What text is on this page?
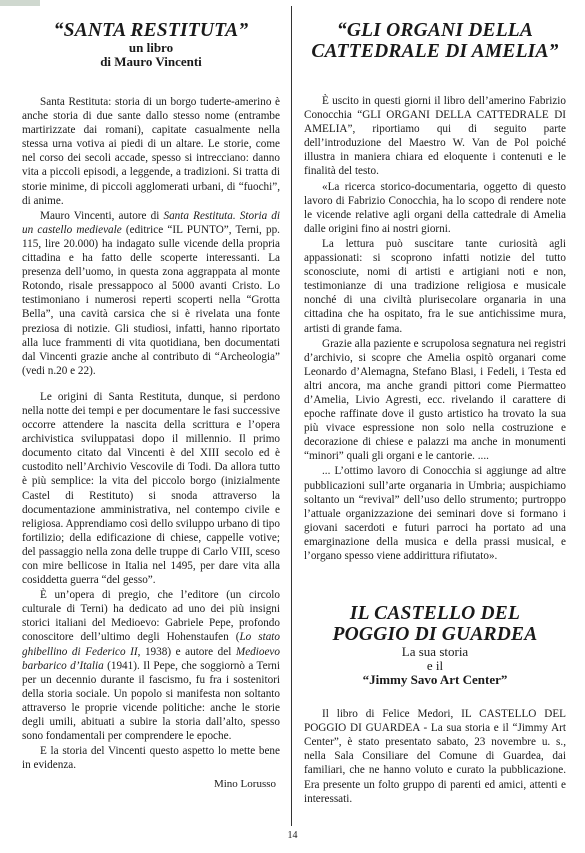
“SANTA RESTITUTA”
un libro
di Mauro Vincenti

Santa Restituta: storia di un borgo tuderte-amerino è anche storia di due sante dallo stesso nome (entrambe martirizzate dai romani), capitate casualmente nella stessa urna votiva ai piedi di un altare. Le storie, come nel corso dei secoli accade, spesso si intrecciano: danno vita a piccoli episodi, a leggende, a tradizioni. Si tratta di storie minime, di piccoli agglomerati urbani, di “fuochi”, di anime.

Mauro Vincenti, autore di Santa Restituta. Storia di un castello medievale (editrice “IL PUNTO”, Terni, pp. 115, lire 20.000) ha indagato sulle vicende della propria cittadina e ha fatto delle scoperte interessanti. La presenza dell’uomo, in questa zona aggrappata al monte Rotondo, risale pressappoco al 5000 avanti Cristo. Lo testimoniano i numerosi reperti scoperti nella “Grotta Bella”, una cavità carsica che si è rivelata una fonte preziosa di notizie. Gli studiosi, infatti, hanno riportato alla luce frammenti di vita quotidiana, ben documentati dal Vincenti grazie anche al contributo di “Archeologia” (vedi n.20 e 22).

Le origini di Santa Restituta, dunque, si perdono nella notte dei tempi e per documentare le fasi successive occorre attendere la nascita della scrittura e l’opera archivistica sviluppatasi dopo il millennio. Il primo documento citato dal Vincenti è del XIII secolo ed è custodito nell’Archivio Vescovile di Todi. Da allora tutto è più semplice: la vita del piccolo borgo (inizialmente Castel di Restituto) si snoda attraverso la documentazione amministrativa, nel contempo civile e religiosa. Apprendiamo così dello sviluppo urbano di tipo fortilizio; della edificazione di chiese, cappelle votive; del passaggio nella zona delle truppe di Carlo VIII, sceso con mire bellicose in Italia nel 1495, per dare vita alla cosiddetta guerra “del gesso”.

È un’opera di pregio, che l’editore (un circolo culturale di Terni) ha dedicato ad uno dei più insigni storici italiani del Medioevo: Gabriele Pepe, profondo conoscitore dell’ultimo degli Hohenstaufen (Lo stato ghibellino di Federico II, 1938) e autore del Medioevo barbarico d’Italia (1941). Il Pepe, che soggiornò a Terni per un decennio durante il fascismo, fu fra i sostenitori della storia sociale. Un popolo si manifesta non soltanto attraverso le proprie vicende politiche: anche le storie degli umili, abituati a subire la storia dall’alto, spesso sono fondamentali per comprendere le epoche.

E la storia del Vincenti questo aspetto lo mette bene in evidenza.

Mino Lorusso
“GLI ORGANI DELLA
CATTEDRALE DI AMELIA”

È uscito in questi giorni il libro dell’amerino Fabrizio Conocchia “GLI ORGANI DELLA CATTEDRALE DI AMELIA”, riportiamo qui di seguito parte dell’introduzione del Maestro W. Van de Pol poiché illustra in maniera chiara ed eloquente i contenuti e le finalità del testo.

«La ricerca storico-documentaria, oggetto di questo lavoro di Fabrizio Conocchia, ha lo scopo di rendere note le vicende relative agli organi della cattedrale di Amelia dalle origini fino ai nostri giorni.

La lettura può suscitare tante curiosità agli appassionati: si scoprono infatti notizie del tutto sconosciute, nomi di artisti e artigiani noti e non, testimonianze di una tradizione religiosa e musicale nonché di una civiltà plurisecolare organaria in una cittadina che ha ospitato, fra le sue antichissime mura, artisti di grande fama.

Grazie alla paziente e scrupolosa segnatura nei registri d’archivio, si scopre che Amelia ospitò organari come Leonardo d’Alemagna, Stefano Blasi, i Fedeli, i Testa ed altri ancora, ma anche grandi pittori come Piermatteo d’Amelia, Livio Agresti, ecc. rivelando il carattere di epoche raffinate dove il gusto artistico ha trovato la sua più vivace espressione non solo nella costruzione e decorazione di chiese e palazzi ma anche in monumenti “minori” quali gli organi e le cantorie. ....

... L’ottimo lavoro di Conocchia si aggiunge ad altre pubblicazioni sull’arte organaria in Umbria; auspichiamo soltanto un “revival” dell’uso dello strumento; purtroppo l’attuale organizzazione dei seminari dove si formano i giovani sacerdoti e futuri parroci ha portato ad una emarginazione della musica e della prassi musical, e l’organo spesso viene addirittura rifiutato».

IL CASTELLO DEL
POGGIO DI GUARDEA
La sua storia
e il
“Jimmy Savo Art Center”

Il libro di Felice Medori, IL CASTELLO DEL POGGIO DI GUARDEA - La sua storia e il “Jimmy Art Center”, è stato presentato sabato, 23 novembre u. s., nella Sala Consiliare del Comune di Guardea, dai familiari, che ne hanno voluto e curato la pubblicazione. Era presente un folto gruppo di parenti ed amici, attenti e interessati.

14
